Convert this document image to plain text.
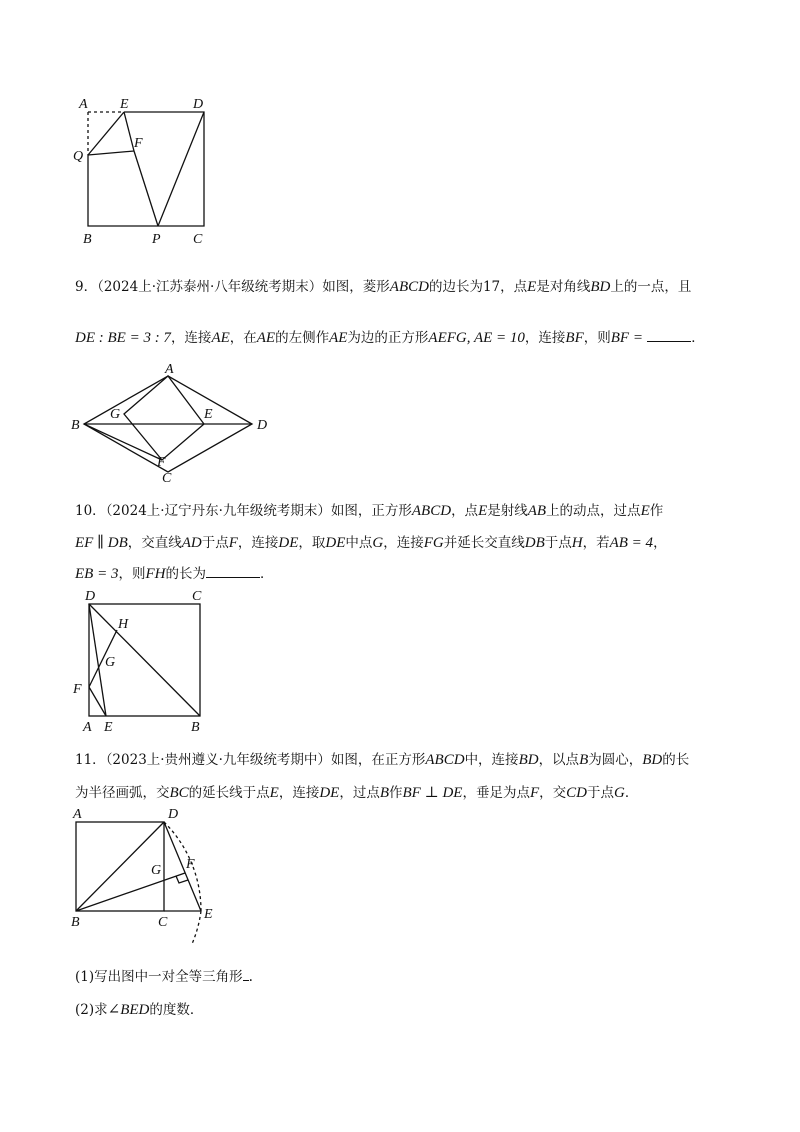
A E	D
Q
F
B	P C
9．（2024上·江苏泰州·八年级统考期末）如图，菱形ABCD的边长为17，点E是对角线BD上的一点，且
DE : BE = 3 : 7，连接AE，在AE的左侧作AE为边的正方形AEFG, AE = 10，连接BF，则BF =	．
A
B
G	E
D
F
C
10．（2024上·辽宁丹东·九年级统考期末）如图，正方形ABCD，点E是射线AB上的动点，过点E作
EF ∥ DB，交直线AD于点F，连接DE，取DE中点G，连接FG并延长交直线DB于点H，若AB = 4，
EB = 3，则FH的长为	．
D	C
H
G
F
A E	B
11．（2023上·贵州遵义·九年级统考期中）如图，在正方形ABCD中，连接BD，以点B为圆心，BD的长
为半径画弧，交BC的延长线于点E，连接DE，过点B作BF ⊥ DE，垂足为点F，交CD于点G．
A	D
G F
B	C
E
(1)写出图中一对全等三角形 .
(2)求∠BED的度数．
